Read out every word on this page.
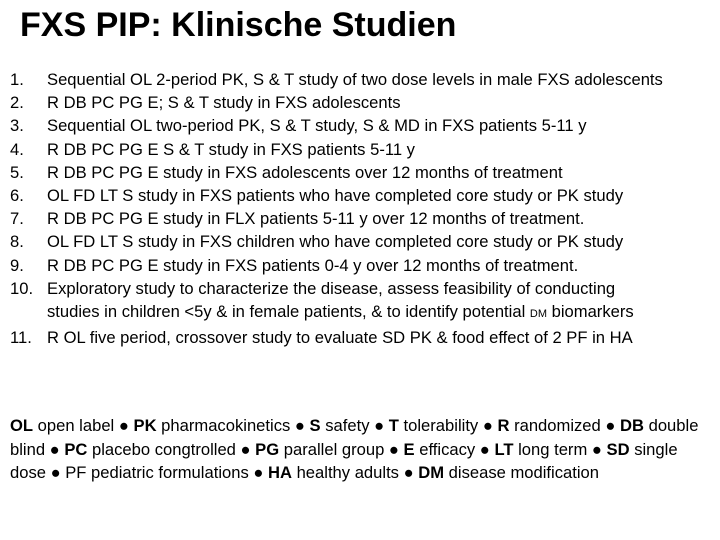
FXS PIP: Klinische Studien
1.	Sequential OL 2-period PK, S & T study of two dose levels in male FXS adolescents
2.	R DB PC PG E; S & T study in FXS adolescents
3.	Sequential OL two-period PK, S & T study, S & MD in FXS patients 5-11 y
4.	R DB PC PG E S & T study in FXS patients 5-11 y
5.	R DB PC PG E study in FXS adolescents over 12 months of treatment
6.	OL FD LT S study in FXS patients who have completed core study or PK study
7.	R DB PC PG E study in FLX patients 5-11 y over 12 months of treatment.
8.	OL FD LT S study in FXS children who have completed core study or PK study
9.	R DB PC PG E study in FXS patients 0-4 y over 12 months of treatment.
10. Exploratory study to characterize the disease, assess feasibility of conducting
studies in children <5y & in female patients, & to identify potential DM biomarkers
11. R OL five period, crossover study to evaluate SD PK & food effect of 2 PF in HA
OL open label ● PK pharmacokinetics ● S safety ● T tolerability ● R randomized ● DB double blind ● PC placebo congtrolled ● PG parallel group ● E efficacy ● LT long term ● SD single dose ● PF pediatric formulations ● HA healthy adults ● DM disease modification
